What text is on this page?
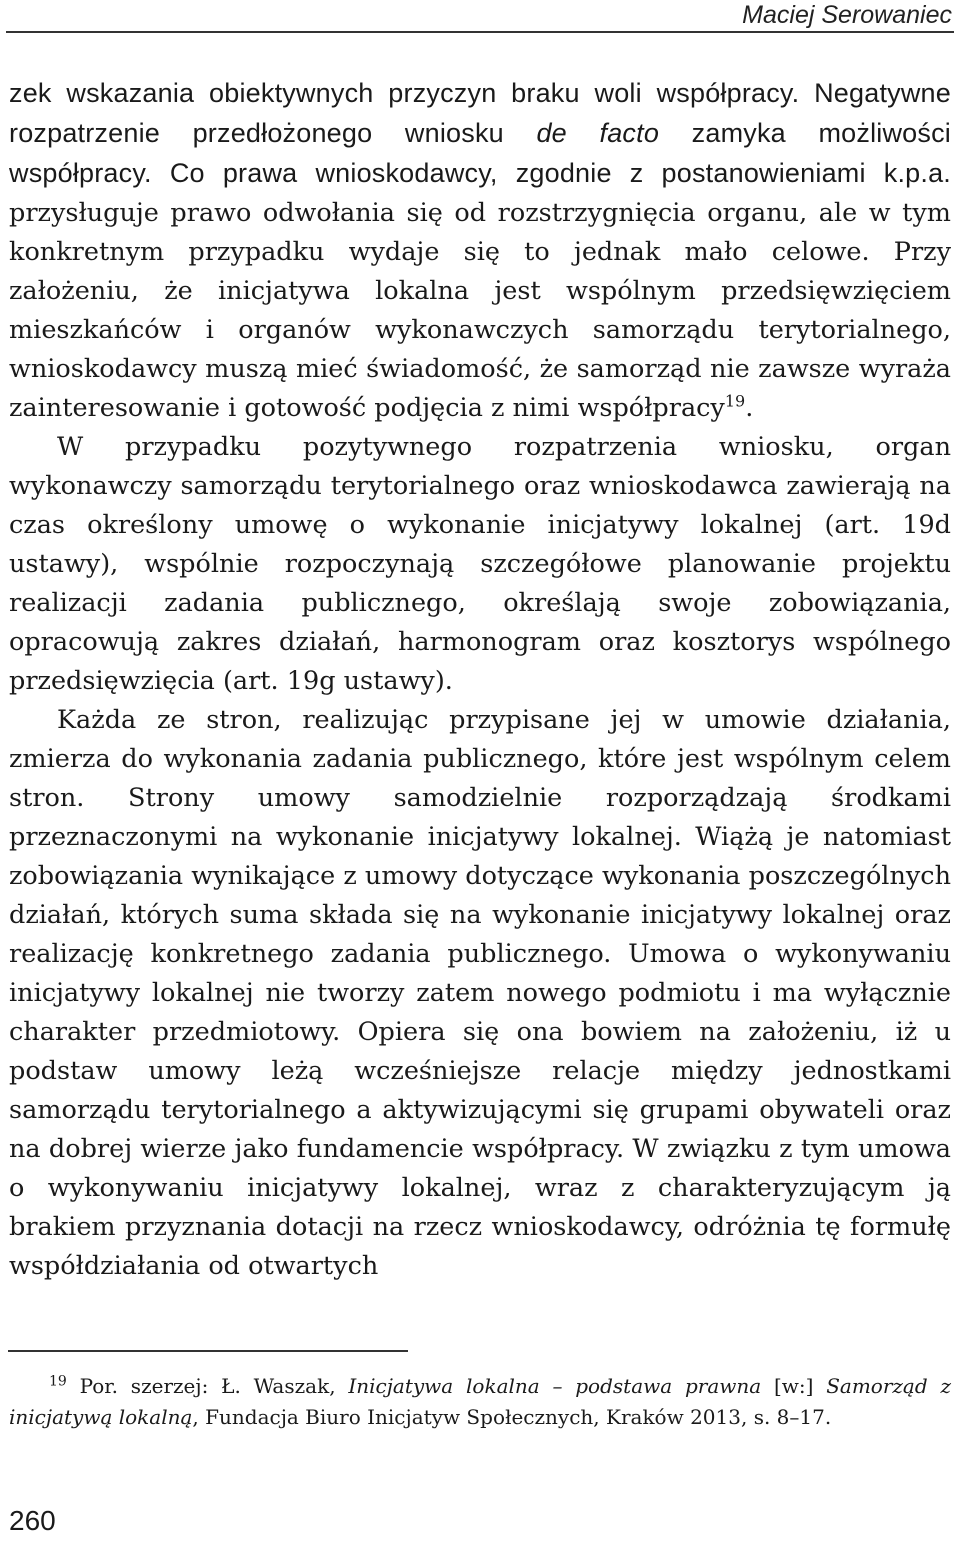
Maciej Serowaniec

zek wskazania obiektywnych przyczyn braku woli współpracy. Negatywne rozpatrzenie przedłożonego wniosku de facto zamyka możliwości współpracy. Co prawa wnioskodawcy, zgodnie z postanowieniami k.p.a. przysługuje prawo odwołania się od rozstrzygnięcia organu, ale w tym konkretnym przypadku wydaje się to jednak mało celowe. Przy założeniu, że inicjatywa lokalna jest wspólnym przedsięwzięciem mieszkańców i organów wykonawczych samorządu terytorialnego, wnioskodawcy muszą mieć świadomość, że samorząd nie zawsze wyraża zainteresowanie i gotowość podjęcia z nimi współpracy$^{19}$.

W przypadku pozytywnego rozpatrzenia wniosku, organ wykonawczy samorządu terytorialnego oraz wnioskodawca zawierają na czas określony umowę o wykonanie inicjatywy lokalnej (art. 19d ustawy), wspólnie rozpoczynają szczegółowe planowanie projektu realizacji zadania publicznego, określają swoje zobowiązania, opracowują zakres działań, harmonogram oraz kosztorys wspólnego przedsięwzięcia (art. 19g ustawy).

Każda ze stron, realizując przypisane jej w umowie działania, zmierza do wykonania zadania publicznego, które jest wspólnym celem stron. Strony umowy samodzielnie rozporządzają środkami przeznaczonymi na wykonanie inicjatywy lokalnej. Wiążą je natomiast zobowiązania wynikające z umowy dotyczące wykonania poszczególnych działań, których suma składa się na wykonanie inicjatywy lokalnej oraz realizację konkretnego zadania publicznego. Umowa o wykonywaniu inicjatywy lokalnej nie tworzy zatem nowego podmiotu i ma wyłącznie charakter przedmiotowy. Opiera się ona bowiem na założeniu, iż u podstaw umowy leżą wcześniejsze relacje między jednostkami samorządu terytorialnego a aktywizującymi się grupami obywateli oraz na dobrej wierze jako fundamencie współpracy. W związku z tym umowa o wykonywaniu inicjatywy lokalnej, wraz z charakteryzującym ją brakiem przyznania dotacji na rzecz wnioskodawcy, odróżnia tę formułę współdziałania od otwartych

$^{19}$ Por. szerzej: Ł. Waszak, Inicjatywa lokalna – podstawa prawna [w:] Samorząd z inicjatywą lokalną, Fundacja Biuro Inicjatyw Społecznych, Kraków 2013, s. 8–17.
260
